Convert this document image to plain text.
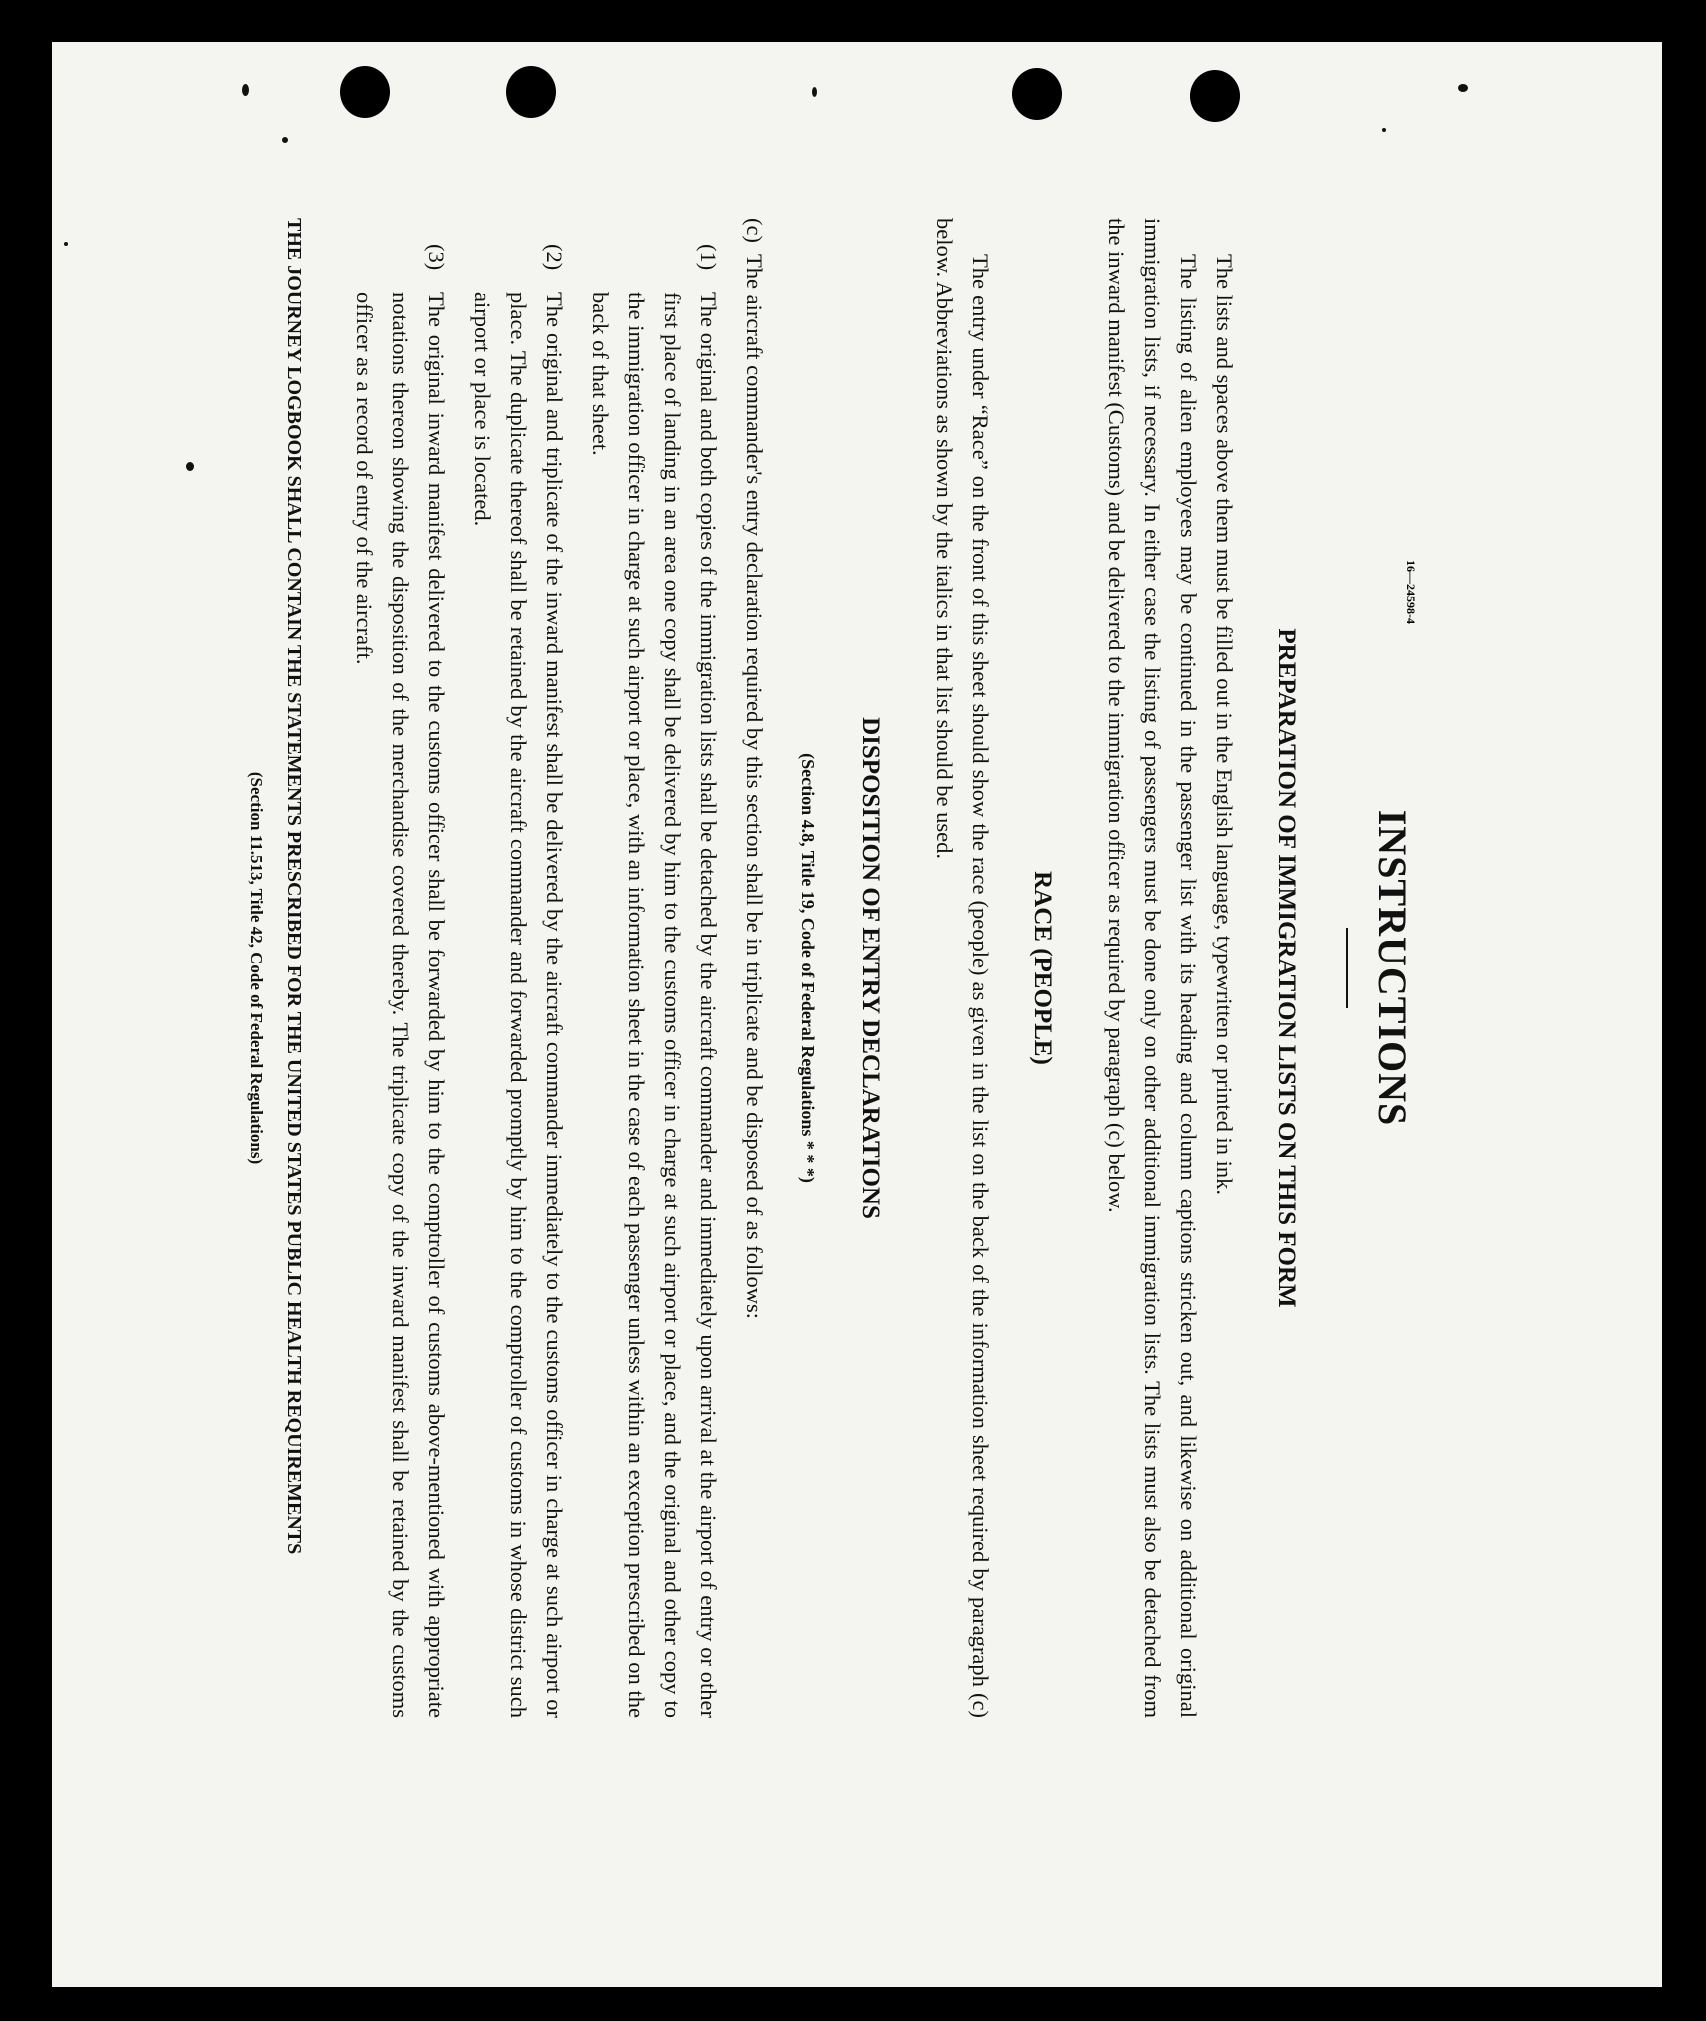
INSTRUCTIONS
PREPARATION OF IMMIGRATION LISTS ON THIS FORM

The lists and spaces above them must be filled out in the English language, typewritten or printed in ink.

The listing of alien employees may be continued in the passenger list with its heading and column captions stricken out, and likewise on additional original immigration lists, if necessary. In either case the listing of passengers must be done only on other additional immigration lists. The lists must also be detached from the inward manifest (Customs) and be delivered to the immigration officer as required by paragraph (c) below.

RACE (PEOPLE)

The entry under “Race” on the front of this sheet should show the race (people) as given in the list on the back of the information sheet required by paragraph (c) below. Abbreviations as shown by the italics in that list should be used.

DISPOSITION OF ENTRY DECLARATIONS
(Section 4.8, Title 19, Code of Federal Regulations * * *)
(c)
The aircraft commander's entry declaration required by this section shall be in triplicate and be disposed of as follows:
(1)
The original and both copies of the immigration lists shall be detached by the aircraft commander and immediately upon arrival at the airport of entry or other first place of landing in an area one copy shall be delivered by him to the customs officer in charge at such airport or place, and the original and other copy to the immigration officer in charge at such airport or place, with an information sheet in the case of each passenger unless within an exception prescribed on the back of that sheet.
(2)
The original and triplicate of the inward manifest shall be delivered by the aircraft commander immediately to the customs officer in charge at such airport or place. The duplicate thereof shall be retained by the aircraft commander and forwarded promptly by him to the comptroller of customs in whose district such airport or place is located.
(3)
The original inward manifest delivered to the customs officer shall be forwarded by him to the comptroller of customs above-mentioned with appropriate notations thereon showing the disposition of the merchandise covered thereby. The triplicate copy of the inward manifest shall be retained by the customs officer as a record of entry of the aircraft.
THE JOURNEY LOGBOOK SHALL CONTAIN THE STATEMENTS PRESCRIBED FOR THE UNITED STATES PUBLIC HEALTH REQUIREMENTS
(Section 11.513, Title 42, Code of Federal Regulations)
16—24598-4
